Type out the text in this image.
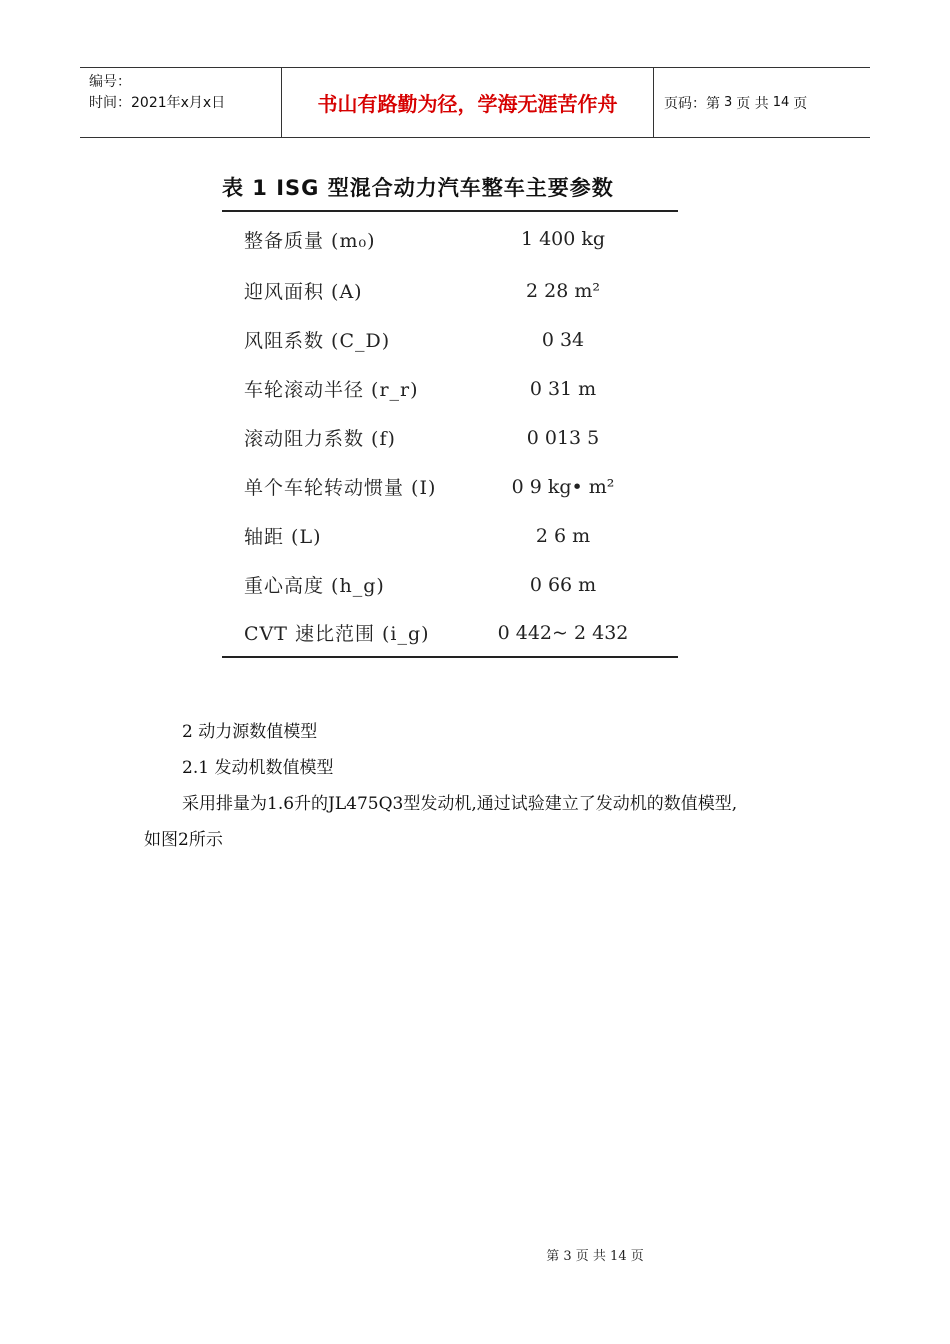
编号：
时间：2021年x月x日	书山有路勤为径，学海无涯苦作舟	页码：第 3 页 共 14 页
表 1 ISG 型混合动力汽车整车主要参数
整备质量 (m₀)	1 400 kg
迎风面积 (A)	2 28 m²
风阻系数 (C_D)	0 34
车轮滚动半径 (r_r)	0 31 m
滚动阻力系数 (f)	0 013 5
单个车轮转动惯量 (I)	0 9 kg• m²
轴距 (L)	2 6 m
重心高度 (h_g)	0 66 m
CVT 速比范围 (i_g)	0 442~ 2 432

2 动力源数值模型

2.1 发动机数值模型

采用排量为1.6升的JL475Q3型发动机,通过试验建立了发动机的数值模型,

如图2所示

第 3 页 共 14 页
